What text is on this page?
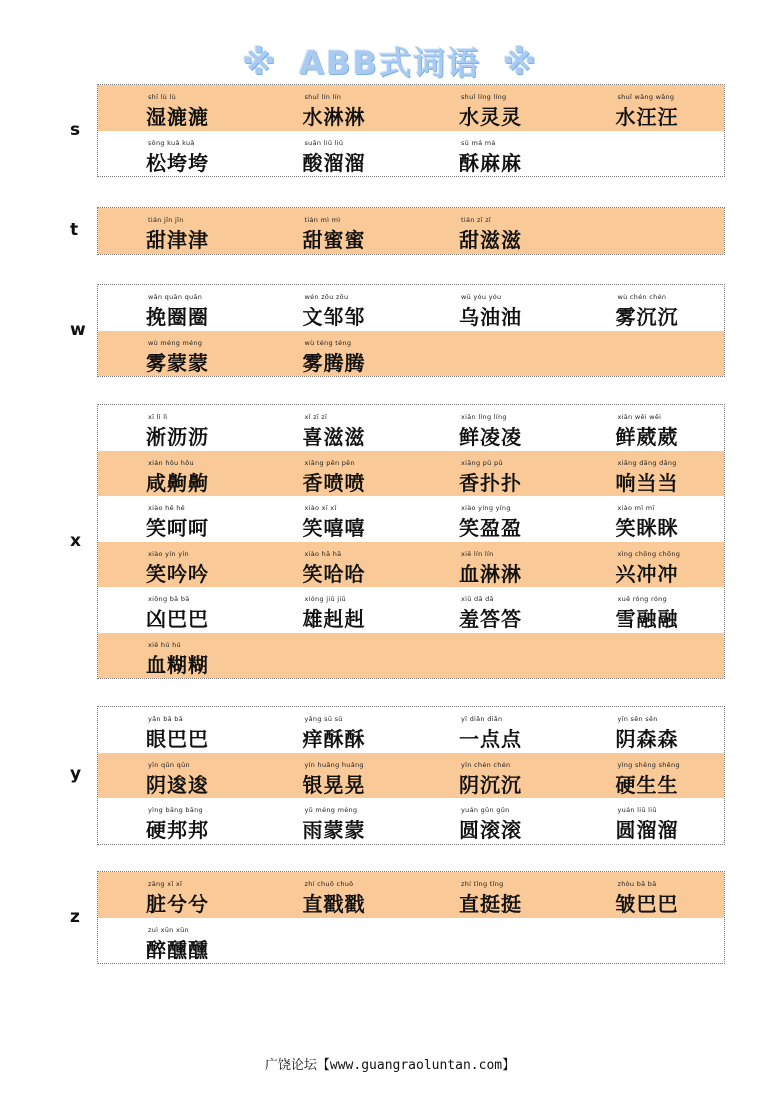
※ ABB式词语 ※
shī lù lù
湿漉漉
shuǐ lín lín
水淋淋
shuǐ líng líng
水灵灵
shuǐ wāng wāng
水汪汪
sōng kuǎ kuǎ
松垮垮
suān liū liū
酸溜溜
sū má má
酥麻麻
s
tián jīn jīn
甜津津
tián mì mì
甜蜜蜜
tián zī zī
甜滋滋
t
wǎn quān quān
挽圈圈
wén zōu zōu
文邹邹
wū yóu yóu
乌油油
wù chén chén
雾沉沉
wù méng méng
雾蒙蒙
wù téng téng
雾腾腾
w
xī lì lì
淅沥沥
xǐ zī zī
喜滋滋
xiān líng líng
鲜凌凌
xiān wēi wēi
鲜葳葳
xián hōu hōu
咸齁齁
xiāng pēn pēn
香喷喷
xiāng pū pū
香扑扑
xiǎng dāng dāng
响当当
xiào hē hē
笑呵呵
xiào xī xī
笑嘻嘻
xiào yíng yíng
笑盈盈
xiào mī mī
笑眯眯
xiào yín yín
笑吟吟
xiào hā hā
笑哈哈
xiě lín lín
血淋淋
xìng chōng chōng
兴冲冲
xiōng bā bā
凶巴巴
xióng jiū jiū
雄赳赳
xiū dā dā
羞答答
xuě róng róng
雪融融
xiě hú hú
血糊糊
x
yǎn bā bā
眼巴巴
yǎng sū sū
痒酥酥
yī diǎn diǎn
一点点
yīn sēn sēn
阴森森
yīn qūn qūn
阴逡逡
yín huǎng huǎng
银晃晃
yīn chén chén
阴沉沉
yìng shēng shēng
硬生生
yìng bāng bāng
硬邦邦
yǔ méng méng
雨蒙蒙
yuán gǔn gǔn
圆滚滚
yuán liū liū
圆溜溜
y
zāng xī xī
脏兮兮
zhí chuō chuō
直戳戳
zhí tǐng tǐng
直挺挺
zhòu bā bā
皱巴巴
zuì xūn xūn
醉醺醺
z
广饶论坛【www.guangraoluntan.com】
